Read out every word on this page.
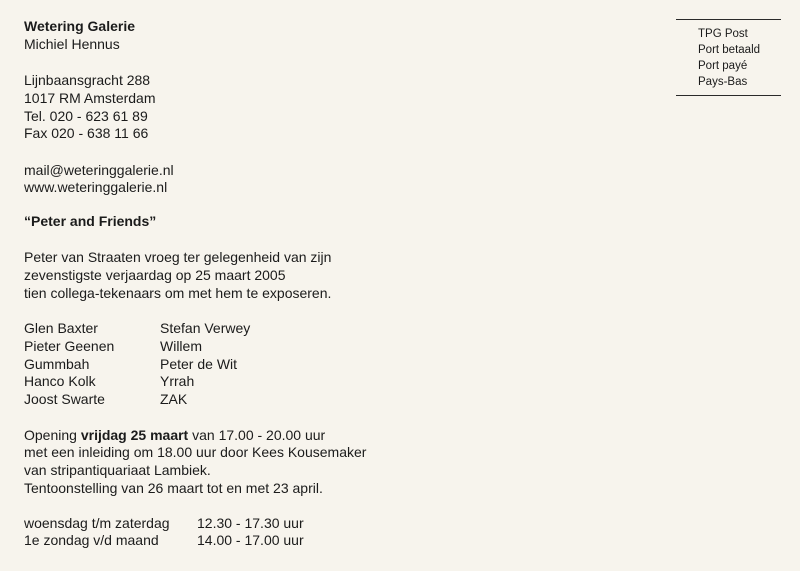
Wetering Galerie
Michiel Hennus
Lijnbaansgracht 288
1017 RM Amsterdam
Tel. 020 - 623 61 89
Fax 020 - 638 11 66
mail@weteringgalerie.nl
www.weteringgalerie.nl
TPG Post
Port betaald
Port payé
Pays-Bas
“Peter and Friends”
Peter van Straaten vroeg ter gelegenheid van zijn
zevenstigste verjaardag op 25 maart 2005
tien collega-tekenaars om met hem te exposeren.
Glen Baxter
Pieter Geenen
Gummbah
Hanco Kolk
Joost Swarte
Stefan Verwey
Willem
Peter de Wit
Yrrah
ZAK
Opening vrijdag 25 maart van 17.00 - 20.00 uur
met een inleiding om 18.00 uur door Kees Kousemaker
van stripantiquariaat Lambiek.
Tentoonstelling van 26 maart tot en met 23 april.
woensdag t/m zaterdag 12.30 - 17.30 uur
1e zondag v/d maand	14.00 - 17.00 uur
